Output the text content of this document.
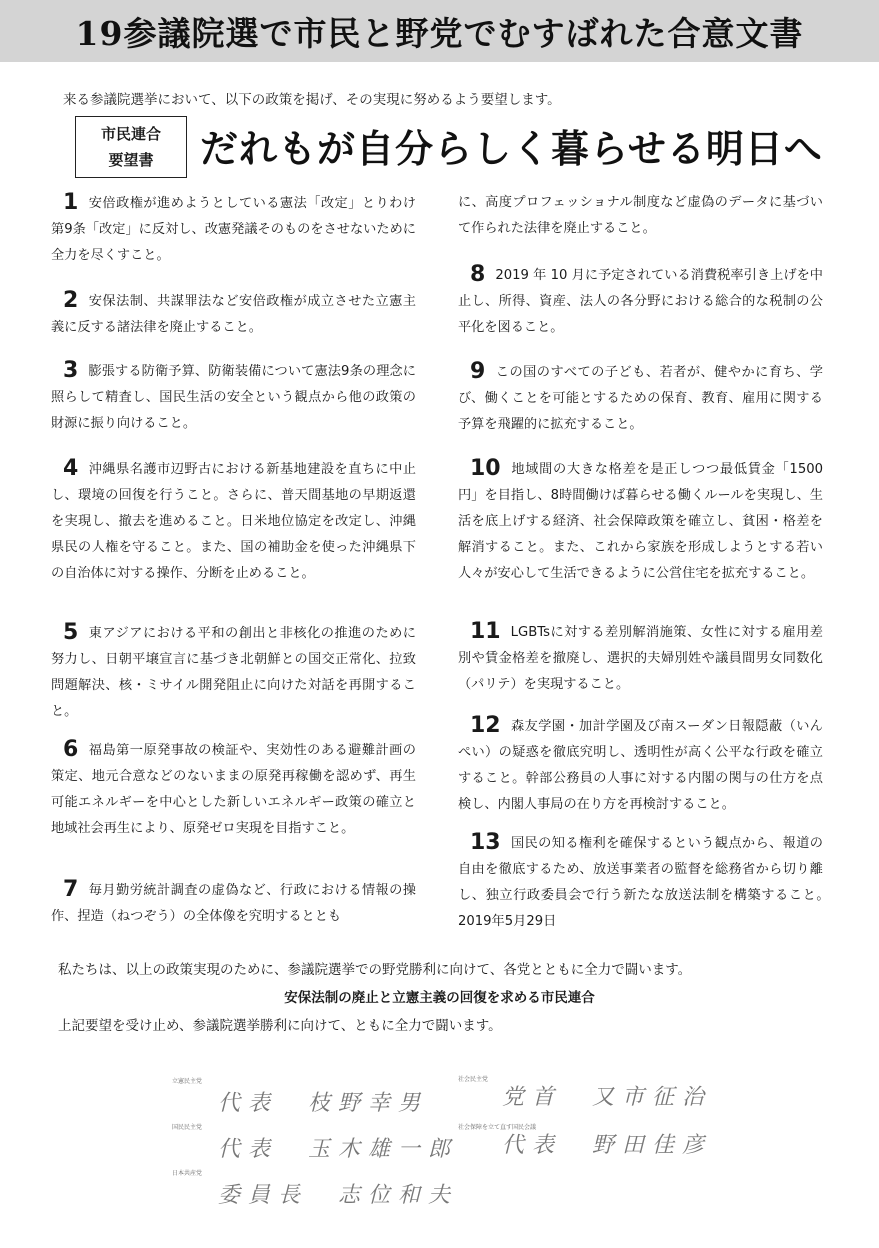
19参議院選で市民と野党でむすばれた合意文書
来る参議院選挙において、以下の政策を掲げ、その実現に努めるよう要望します。
市民連合
要望書	だれもが自分らしく暮らせる明日へ
1 安倍政権が進めようとしている憲法「改定」とりわけ第9条「改定」に反対し、改憲発議そのものをさせないために全力を尽くすこと。
2 安保法制、共謀罪法など安倍政権が成立させた立憲主義に反する諸法律を廃止すること。
3 膨張する防衛予算、防衛装備について憲法9条の理念に照らして精査し、国民生活の安全という観点から他の政策の財源に振り向けること。
4 沖縄県名護市辺野古における新基地建設を直ちに中止し、環境の回復を行うこと。さらに、普天間基地の早期返還を実現し、撤去を進めること。日米地位協定を改定し、沖縄県民の人権を守ること。また、国の補助金を使った沖縄県下の自治体に対する操作、分断を止めること。
5 東アジアにおける平和の創出と非核化の推進のために努力し、日朝平壌宣言に基づき北朝鮮との国交正常化、拉致問題解決、核・ミサイル開発阻止に向けた対話を再開すること。
6 福島第一原発事故の検証や、実効性のある避難計画の策定、地元合意などのないままの原発再稼働を認めず、再生可能エネルギーを中心とした新しいエネルギー政策の確立と地域社会再生により、原発ゼロ実現を目指すこと。
7 毎月勤労統計調査の虚偽など、行政における情報の操作、捏造（ねつぞう）の全体像を究明するととも
に、高度プロフェッショナル制度など虚偽のデータに基づいて作られた法律を廃止すること。
8 2019 年 10 月に予定されている消費税率引き上げを中止し、所得、資産、法人の各分野における総合的な税制の公平化を図ること。
9 この国のすべての子ども、若者が、健やかに育ち、学び、働くことを可能とするための保育、教育、雇用に関する予算を飛躍的に拡充すること。
10 地域間の大きな格差を是正しつつ最低賃金「1500円」を目指し、8時間働けば暮らせる働くルールを実現し、生活を底上げする経済、社会保障政策を確立し、貧困・格差を解消すること。また、これから家族を形成しようとする若い人々が安心して生活できるように公営住宅を拡充すること。
11 LGBTsに対する差別解消施策、女性に対する雇用差別や賃金格差を撤廃し、選択的夫婦別姓や議員間男女同数化（パリテ）を実現すること。
12 森友学園・加計学園及び南スーダン日報隠蔽（いんぺい）の疑惑を徹底究明し、透明性が高く公平な行政を確立すること。幹部公務員の人事に対する内閣の関与の仕方を点検し、内閣人事局の在り方を再検討すること。
13 国民の知る権利を確保するという観点から、報道の自由を徹底するため、放送事業者の監督を総務省から切り離し、独立行政委員会で行う新たな放送法制を構築すること。　2019年5月29日
私たちは、以上の政策実現のために、参議院選挙での野党勝利に向けて、各党とともに全力で闘います。
安保法制の廃止と立憲主義の回復を求める市民連合
上記要望を受け止め、参議院選挙勝利に向けて、ともに全力で闘います。
立憲民主党
代表　枝野幸男
国民民主党
代表　玉木雄一郎
日本共産党
委員長　志位和夫
社会民主党
党首　又市征治
社会保障を立て直す国民会議
代表　野田佳彦
